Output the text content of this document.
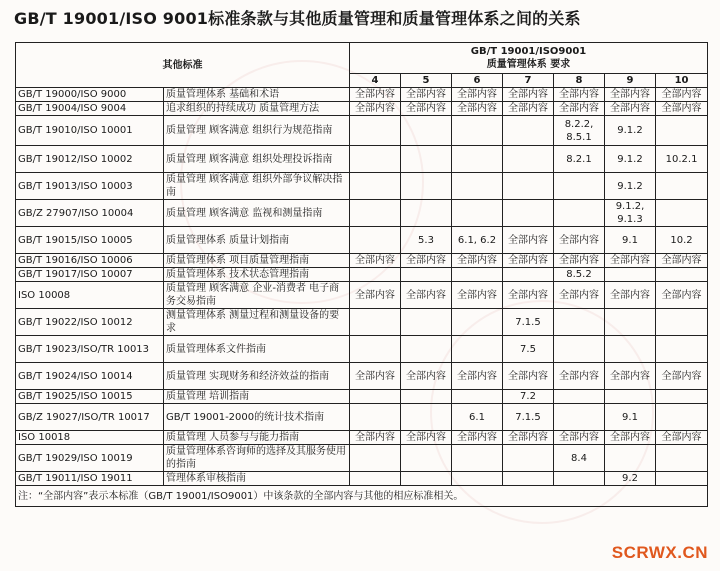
GB/T 19001/ISO 9001标准条款与其他质量管理和质量管理体系之间的关系
其他标准		GB/T 19001/ISO9001
质量管理体系 要求						

		4	5	6	7	8	9	10
GB/T 19000/ISO 9000	质量管理体系 基础和术语	全部内容	全部内容	全部内容	全部内容	全部内容	全部内容	全部内容
GB/T 19004/ISO 9004	追求组织的持续成功 质量管理方法	全部内容	全部内容	全部内容	全部内容	全部内容	全部内容	全部内容
GB/T 19010/ISO 10001	质量管理 顾客满意 组织行为规范指南					8.2.2, 8.5.1	9.1.2	
GB/T 19012/ISO 10002	质量管理 顾客满意 组织处理投诉指南					8.2.1	9.1.2	10.2.1
GB/T 19013/ISO 10003	质量管理 顾客满意 组织外部争议解决指南						9.1.2	
GB/Z 27907/ISO 10004	质量管理 顾客满意 监视和测量指南						9.1.2, 9.1.3	
GB/T 19015/ISO 10005	质量管理体系 质量计划指南		5.3	6.1, 6.2	全部内容	全部内容	9.1	10.2
GB/T 19016/ISO 10006	质量管理体系 项目质量管理指南	全部内容	全部内容	全部内容	全部内容	全部内容	全部内容	全部内容
GB/T 19017/ISO 10007	质量管理体系 技术状态管理指南					8.5.2		
ISO 10008	质量管理 顾客满意 企业-消费者 电子商务交易指南	全部内容	全部内容	全部内容	全部内容	全部内容	全部内容	全部内容
GB/T 19022/ISO 10012	测量管理体系 测量过程和测量设备的要求				7.1.5			
GB/T 19023/ISO/TR 10013	质量管理体系文件指南				7.5			
GB/T 19024/ISO 10014	质量管理 实现财务和经济效益的指南	全部内容	全部内容	全部内容	全部内容	全部内容	全部内容	全部内容
GB/T 19025/ISO 10015	质量管理 培训指南				7.2			
GB/Z 19027/ISO/TR 10017	GB/T 19001-2000的统计技术指南			6.1	7.1.5		9.1	
ISO 10018	质量管理 人员参与与能力指南	全部内容	全部内容	全部内容	全部内容	全部内容	全部内容	全部内容
GB/T 19029/ISO 10019	质量管理体系咨询师的选择及其服务使用的指南					8.4		
GB/T 19011/ISO 19011	管理体系审核指南						9.2	
注：“全部内容”表示本标准（GB/T 19001/ISO9001）中该条款的全部内容与其他的相应标准相关。								
SCRWX.CN
